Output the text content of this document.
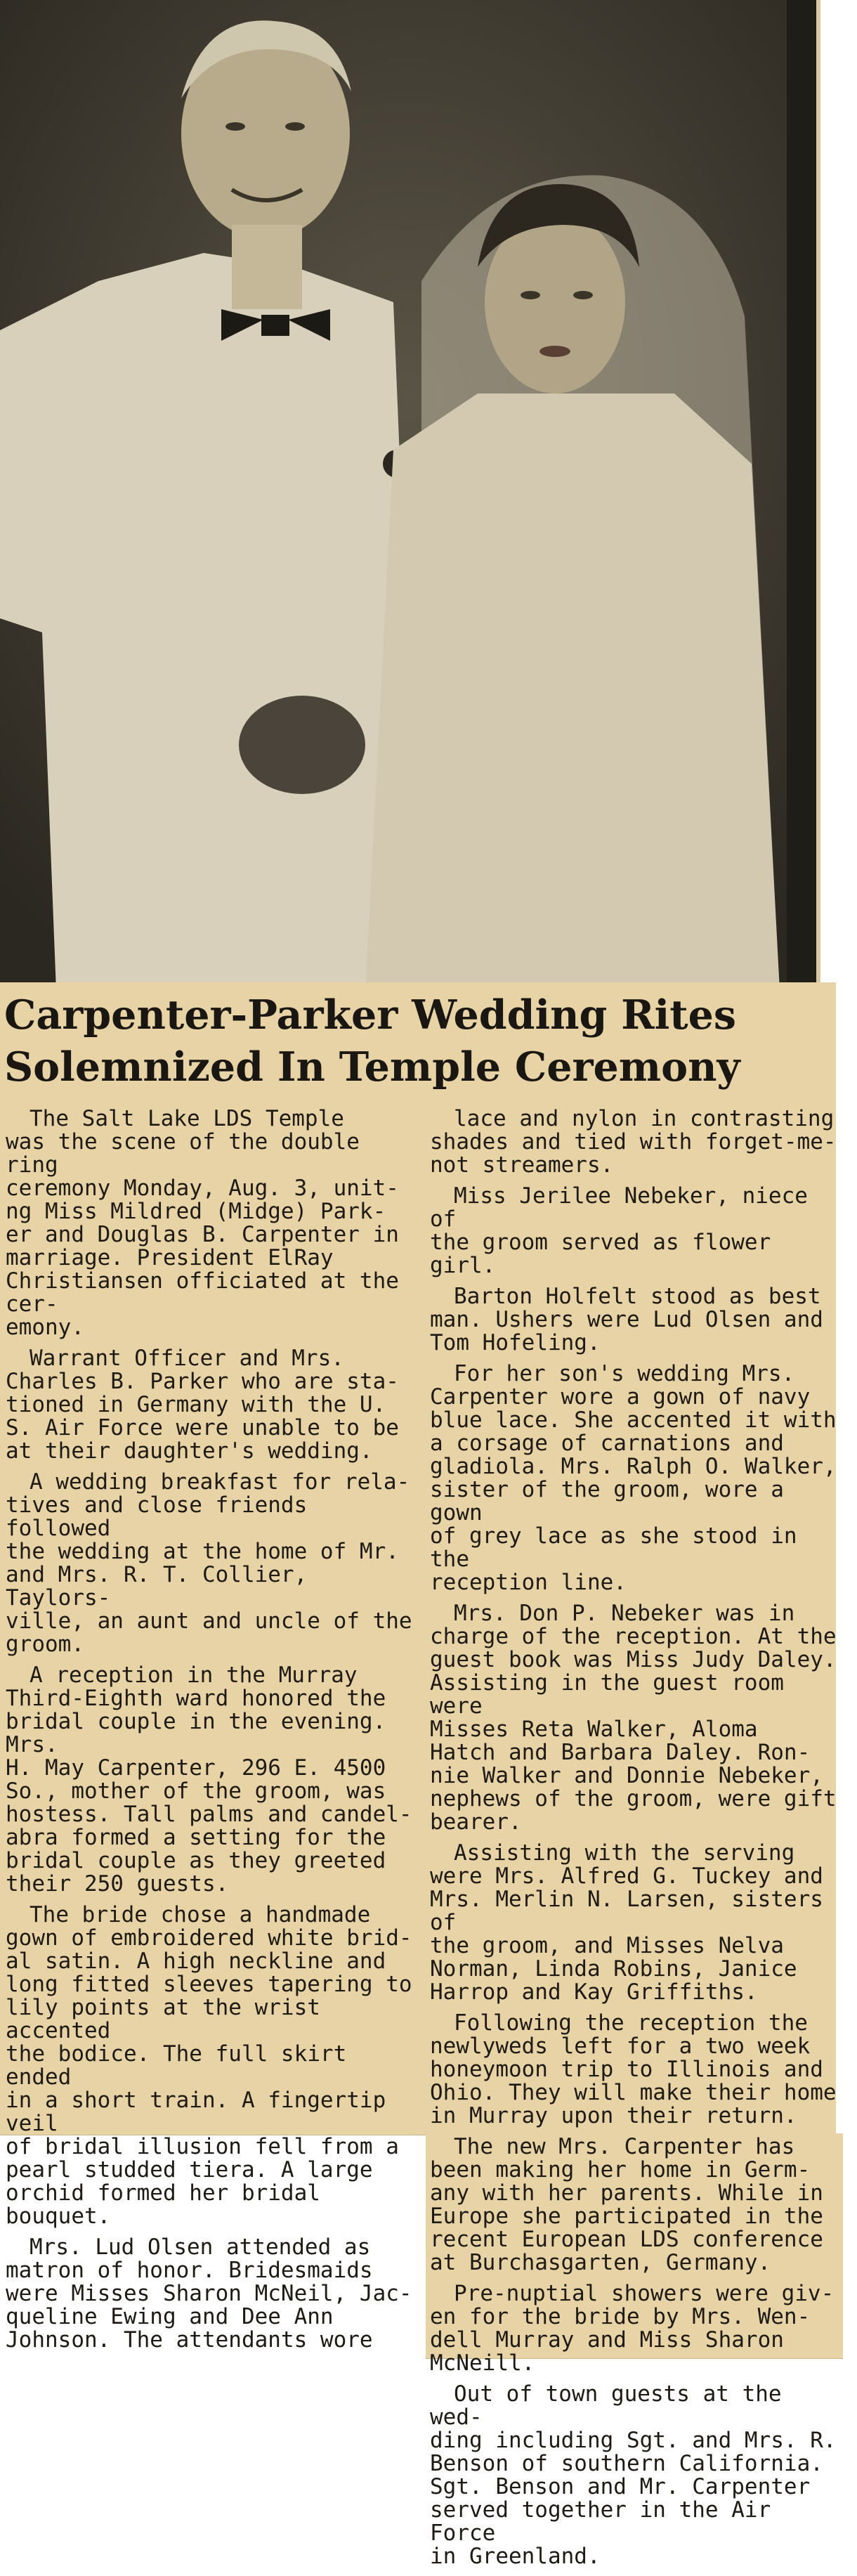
Carpenter-Parker Wedding Rites
Solemnized In Temple Ceremony

The Salt Lake LDS Temple
was the scene of the double ring
ceremony Monday, Aug. 3, unit-
ng Miss Mildred (Midge) Park-
er and Douglas B. Carpenter in
marriage. President ElRay
Christiansen officiated at the cer-
emony.

Warrant Officer and Mrs.
Charles B. Parker who are sta-
tioned in Germany with the U.
S. Air Force were unable to be
at their daughter's wedding.

A wedding breakfast for rela-
tives and close friends followed
the wedding at the home of Mr.
and Mrs. R. T. Collier, Taylors-
ville, an aunt and uncle of the
groom.

A reception in the Murray
Third-Eighth ward honored the
bridal couple in the evening. Mrs.
H. May Carpenter, 296 E. 4500
So., mother of the groom, was
hostess. Tall palms and candel-
abra formed a setting for the
bridal couple as they greeted
their 250 guests.

The bride chose a handmade
gown of embroidered white brid-
al satin. A high neckline and
long fitted sleeves tapering to
lily points at the wrist accented
the bodice. The full skirt ended
in a short train. A fingertip veil
of bridal illusion fell from a
pearl studded tiera. A large
orchid formed her bridal bouquet.

Mrs. Lud Olsen attended as
matron of honor. Bridesmaids
were Misses Sharon McNeil, Jac-
queline Ewing and Dee Ann
Johnson. The attendants wore

lace and nylon in contrasting
shades and tied with forget-me-
not streamers.

Miss Jerilee Nebeker, niece of
the groom served as flower girl.

Barton Holfelt stood as best
man. Ushers were Lud Olsen and
Tom Hofeling.

For her son's wedding Mrs.
Carpenter wore a gown of navy
blue lace. She accented it with
a corsage of carnations and
gladiola. Mrs. Ralph O. Walker,
sister of the groom, wore a gown
of grey lace as she stood in the
reception line.

Mrs. Don P. Nebeker was in
charge of the reception. At the
guest book was Miss Judy Daley.
Assisting in the guest room were
Misses Reta Walker, Aloma
Hatch and Barbara Daley. Ron-
nie Walker and Donnie Nebeker,
nephews of the groom, were gift
bearer.

Assisting with the serving
were Mrs. Alfred G. Tuckey and
Mrs. Merlin N. Larsen, sisters of
the groom, and Misses Nelva
Norman, Linda Robins, Janice
Harrop and Kay Griffiths.

Following the reception the
newlyweds left for a two week
honeymoon trip to Illinois and
Ohio. They will make their home
in Murray upon their return.

The new Mrs. Carpenter has
been making her home in Germ-
any with her parents. While in
Europe she participated in the
recent European LDS conference
at Burchasgarten, Germany.

Pre-nuptial showers were giv-
en for the bride by Mrs. Wen-
dell Murray and Miss Sharon
McNeill.

Out of town guests at the wed-
ding including Sgt. and Mrs. R.
Benson of southern California.
Sgt. Benson and Mr. Carpenter
served together in the Air Force
in Greenland.
